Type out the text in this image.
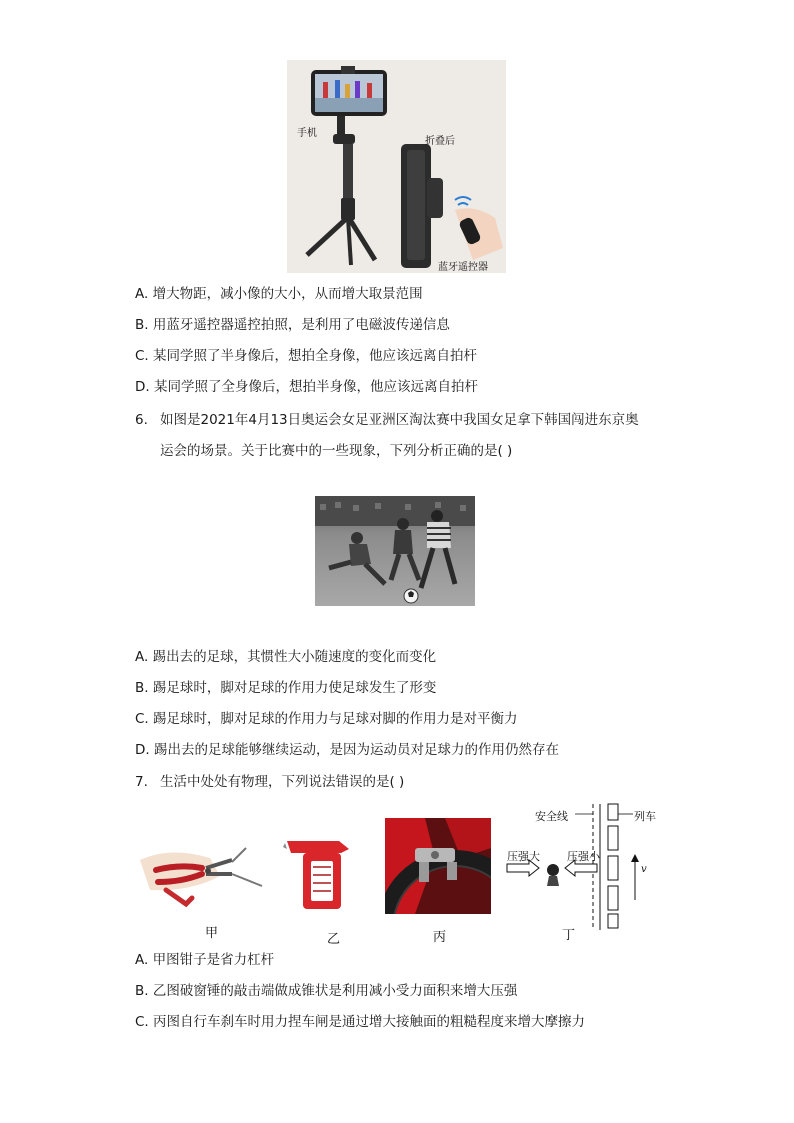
手机
折叠后
蓝牙遥控器
A. 增大物距，减小像的大小，从而增大取景范围
B. 用蓝牙遥控器遥控拍照，是利用了电磁波传递信息
C. 某同学照了半身像后，想拍全身像，他应该远离自拍杆
D. 某同学照了全身像后，想拍半身像，他应该远离自拍杆
6. 如图是2021年4月13日奥运会女足亚洲区淘汰赛中我国女足拿下韩国闯进东京奥
运会的场景。关于比赛中的一些现象，下列分析正确的是( )
A. 踢出去的足球，其惯性大小随速度的变化而变化
B. 踢足球时，脚对足球的作用力使足球发生了形变
C. 踢足球时，脚对足球的作用力与足球对脚的作用力是对平衡力
D. 踢出去的足球能够继续运动，是因为运动员对足球力的作用仍然存在
7. 生活中处处有物理，下列说法错误的是( )
甲	乙	丙
安全线	列车
压强大 压强小
v
丁
A. 甲图钳子是省力杠杆
B. 乙图破窗锤的敲击端做成锥状是利用减小受力面积来增大压强
C. 丙图自行车刹车时用力捏车闸是通过增大接触面的粗糙程度来增大摩擦力
